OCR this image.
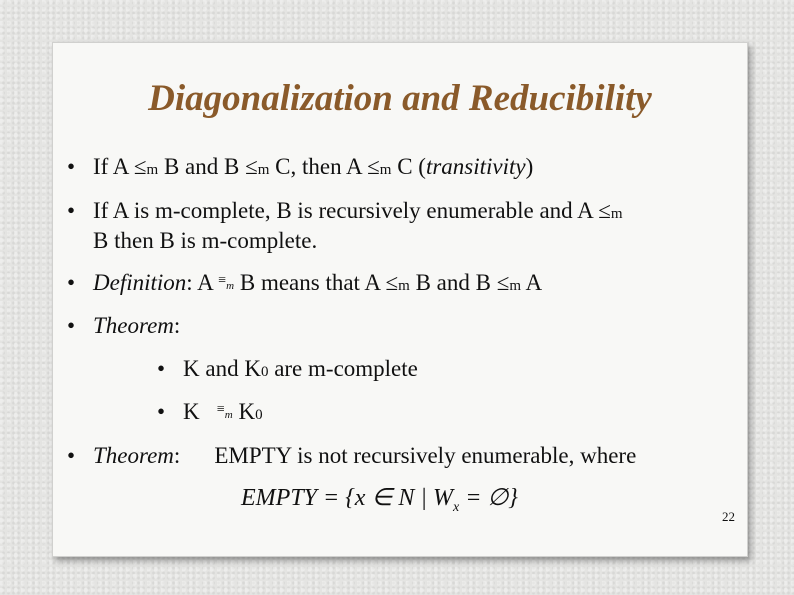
Diagonalization and Reducibility
• If A ≤m B and B ≤m C, then A ≤m C (transitivity)
• If A is m-complete, B is recursively enumerable and A ≤m
B then B is m-complete.
• Definition: A $^{\equiv_m}$ B means that A ≤m B and B ≤m A
• Theorem:
• K and K0 are m-complete
• K   $^{\equiv_m}$ K0
• Theorem: EMPTY is not recursively enumerable, where
EMPTY = {x ∈ N | $W_x$ = ∅}
22
